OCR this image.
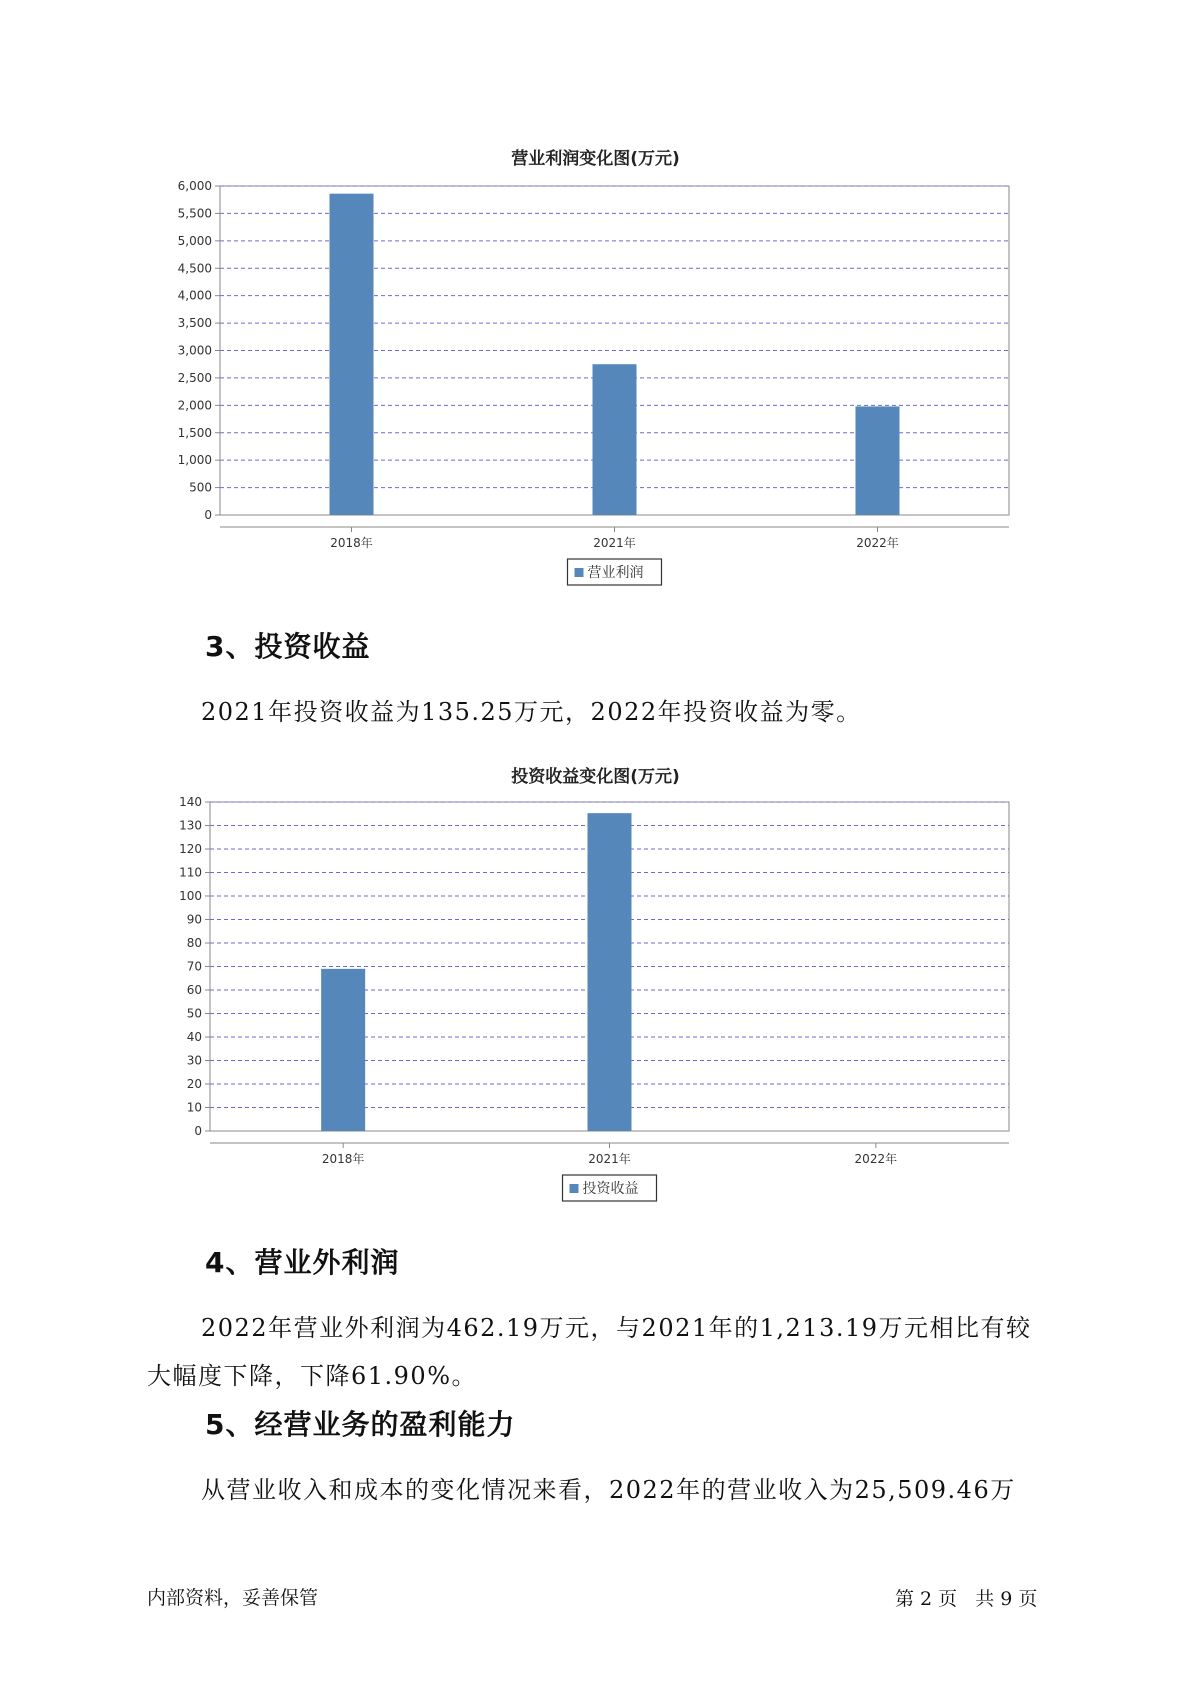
营业利润变化图(万元)
0
500
1,000
1,500
2,000
2,500
3,000
3,500
4,000
4,500
5,000
5,500
6,000
2018年	2021年	2022年
营业利润
3、投资收益
2021年投资收益为135.25万元，2022年投资收益为零。
投资收益变化图(万元)
0
10
20
30
40
50
60
70
80
90
100
110
120
130
140
2018年	2021年	2022年
投资收益
4、营业外利润
2022年营业外利润为462.19万元，与2021年的1,213.19万元相比有较
大幅度下降，下降61.90%。
5、经营业务的盈利能力
从营业收入和成本的变化情况来看，2022年的营业收入为25,509.46万
内部资料，妥善保管	第 2 页 共 9 页
